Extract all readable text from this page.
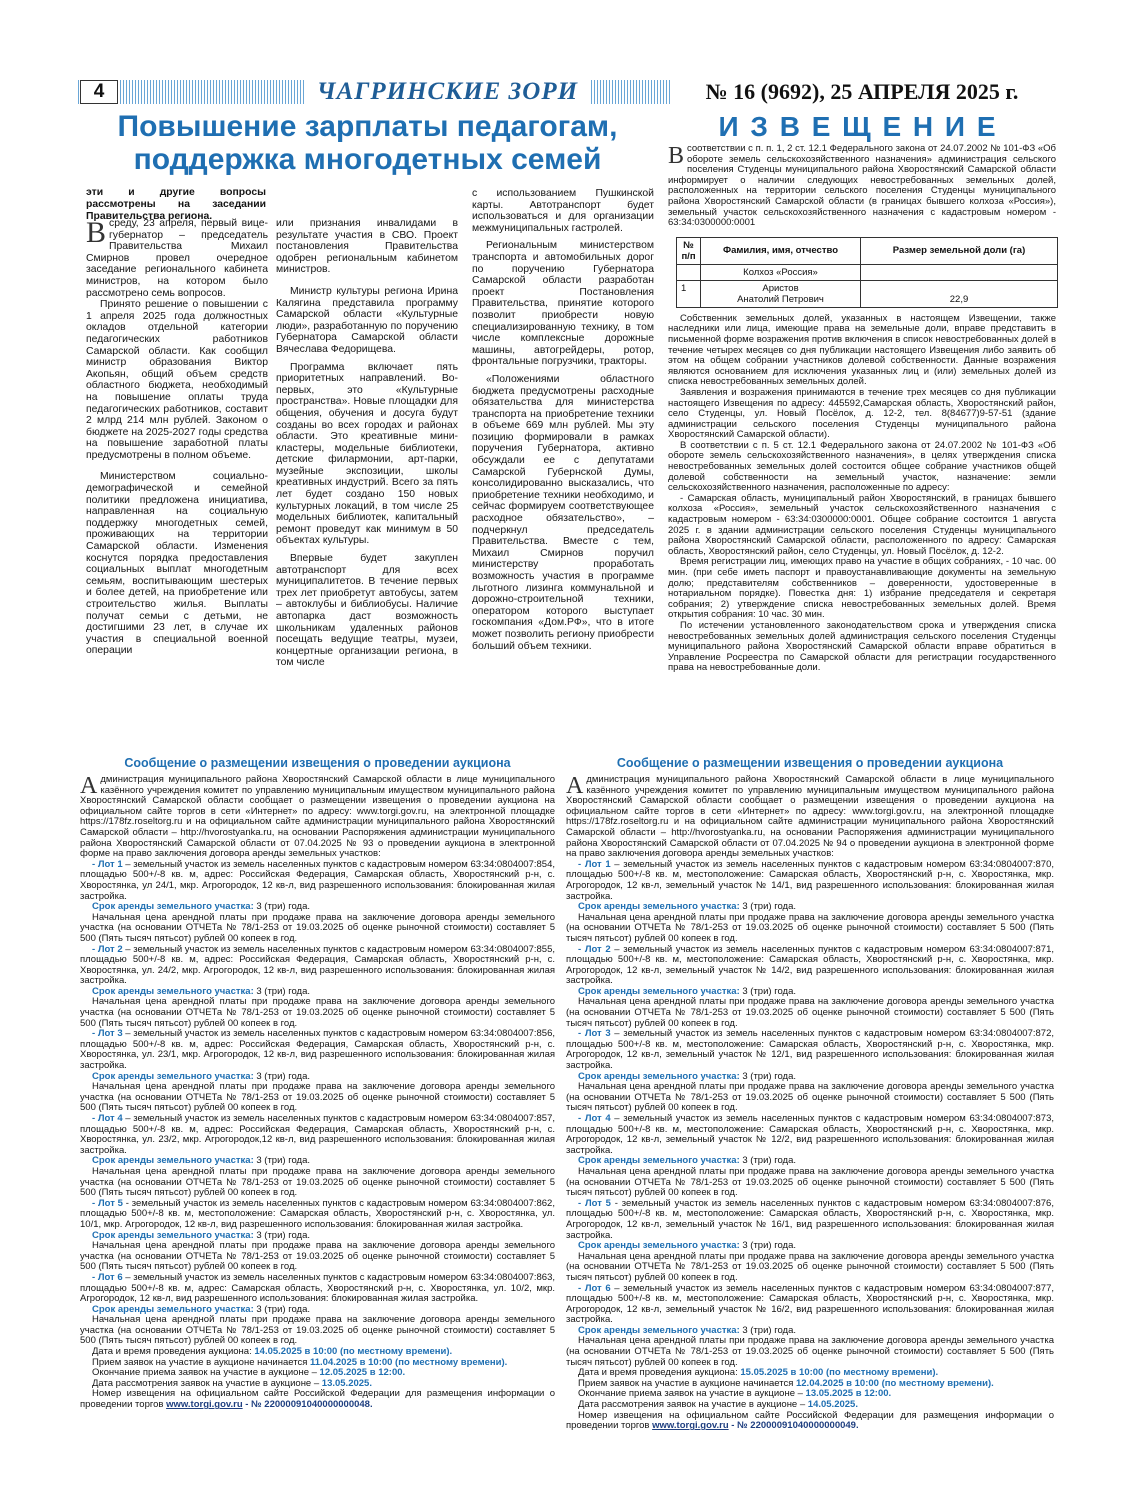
4	ЧАГРИНСКИЕ ЗОРИ	№ 16 (9692), 25 АПРЕЛЯ 2025 г.
Повышение зарплаты педагогам,
поддержка многодетных семей
эти и другие вопросы рассмотрены на заседании Правительства региона.
Всреду, 23 апреля, первый вице-губернатор – председатель Правительства Михаил Смирнов провел очередное заседание регионального кабинета министров, на котором было рассмотрено семь вопросов.
Принято решение о повышении с 1 апреля 2025 года должностных окладов отдельной категории педагогических работников Самарской области. Как сообщил министр образования Виктор Акопьян, общий объем средств областного бюджета, необходимый на повышение оплаты труда педагогических работников, составит 2 млрд 214 млн рублей. Законом о бюджете на 2025-2027 годы средства на повышение заработной платы предусмотрены в полном объеме.
Министерством социально-демографической и семейной политики предложена инициатива, направленная на социальную поддержку многодетных семей, проживающих на территории Самарской области. Изменения коснутся порядка предоставления социальных выплат многодетным семьям, воспитывающим шестерых и более детей, на приобретение или строительство жилья. Выплаты получат семьи с детьми, не достигшими 23 лет, в случае их участия в специальной военной операции
или признания инвалидами в результате участия в СВО. Проект постановления Правительства одобрен региональным кабинетом министров.
Министр культуры региона Ирина Калягина представила программу Самарской области «Культурные люди», разработанную по поручению Губернатора Самарской области Вячеслава Федорищева.
Программа включает пять приоритетных направлений. Во-первых, это «Культурные пространства». Новые площадки для общения, обучения и досуга будут созданы во всех городах и районах области. Это креативные мини-кластеры, модельные библиотеки, детские филармонии, арт-парки, музейные экспозиции, школы креативных индустрий. Всего за пять лет будет создано 150 новых культурных локаций, в том числе 25 модельных библиотек, капитальный ремонт проведут как минимум в 50 объектах культуры.
Впервые будет закуплен автотранспорт для всех муниципалитетов. В течение первых трех лет приобретут автобусы, затем – автоклубы и библиобусы. Наличие автопарка даст возможность школьникам удаленных районов посещать ведущие театры, музеи, концертные организации региона, в том числе
с использованием Пушкинской карты. Автотранспорт будет использоваться и для организации межмуниципальных гастролей.
Региональным министерством транспорта и автомобильных дорог по поручению Губернатора Самарской области разработан проект Постановления Правительства, принятие которого позволит приобрести новую специализированную технику, в том числе комплексные дорожные машины, автогрейдеры, ротор, фронтальные погрузчики, тракторы.
«Положениями областного бюджета предусмотрены расходные обязательства для министерства транспорта на приобретение техники в объеме 669 млн рублей. Мы эту позицию формировали в рамках поручения Губернатора, активно обсуждали ее с депутатами Самарской Губернской Думы, консолидированно высказались, что приобретение техники необходимо, и сейчас формируем соответствующее расходное обязательство», – подчеркнул председатель Правительства. Вместе с тем, Михаил Смирнов поручил министерству проработать возможность участия в программе льготного лизинга коммунальной и дорожно-строительной техники, оператором которого выступает госкомпания «Дом.РФ», что в итоге может позволить региону приобрести больший объем техники.
И З В Е Щ Е Н И Е
Всоответствии с п. п. 1, 2 ст. 12.1 Федерального закона от 24.07.2002 № 101-ФЗ «Об обороте земель сельскохозяйственного назначения» администрация сельского поселения Студенцы муниципального района Хворостянский Самарской области информирует о наличии следующих невостребованных земельных долей, расположенных на территории сельского поселения Студенцы муниципального района Хворостянский Самарской области (в границах бывшего колхоза «Россия»), земельный участок сельскохозяйственного назначения с кадастровым номером - 63:34:0300000:0001
№ п/п	Фамилия, имя, отчество	Размер земельной доли (га)
	Колхоз «Россия»	
1	Аристов
Анатолий Петрович	22,9

Собственник земельных долей, указанных в настоящем Извещении, также наследники или лица, имеющие права на земельные доли, вправе представить в письменной форме возражения против включения в список невостребованных долей в течение четырех месяцев со дня публикации настоящего Извещения либо заявить об этом на общем собрании участников долевой собственности. Данные возражения являются основанием для исключения указанных лиц и (или) земельных долей из списка невостребованных земельных долей.

Заявления и возражения принимаются в течение трех месяцев со дня публикации настоящего Извещения по адресу: 445592,Самарская область, Хворостянский район, село Студенцы, ул. Новый Посёлок, д. 12-2, тел. 8(84677)9-57-51 (здание администрации сельского поселения Студенцы муниципального района Хворостянский Самарской области).

В соответствии с п. 5 ст. 12.1 Федерального закона от 24.07.2002 № 101-ФЗ «Об обороте земель сельскохозяйственного назначения», в целях утверждения списка невостребованных земельных долей состоится общее собрание участников общей долевой собственности на земельный участок, назначение: земли сельскохозяйственного назначения, расположенные по адресу:

- Самарская область, муниципальный район Хворостянский, в границах бывшего колхоза «Россия», земельный участок сельскохозяйственного назначения с кадастровым номером - 63:34:0300000:0001. Общее собрание состоится 1 августа 2025 г. в здании администрации сельского поселения Студенцы муниципального района Хворостянский Самарской области, расположенного по адресу: Самарская область, Хворостянский район, село Студенцы, ул. Новый Посёлок, д. 12-2.

Время регистрации лиц, имеющих право на участие в общих собраниях, - 10 час. 00 мин. (при себе иметь паспорт и правоустанавливающие документы на земельную долю; представителям собственников – доверенности, удостоверенные в нотариальном порядке). Повестка дня: 1) избрание председателя и секретаря собрания; 2) утверждение списка невостребованных земельных долей. Время открытия собрания: 10 час. 30 мин.

По истечении установленного законодательством срока и утверждения списка невостребованных земельных долей администрация сельского поселения Студенцы муниципального района Хворостянский Самарской области вправе обратиться в Управление Росреестра по Самарской области для регистрации государственного права на невостребованные доли.

Сообщение о размещении извещения о проведении аукциона
Администрация муниципального района Хворостянский Самарской области в лице муниципального казённого учреждения комитет по управлению муниципальным имуществом муниципального района Хворостянский Самарской области сообщает о размещении извещения о проведении аукциона на официальном сайте торгов в сети «Интернет» по адресу: www.torgi.gov.ru, на электронной площадке https://178fz.roseltorg.ru и на официальном сайте администрации муниципального района Хворостянский Самарской области – http://hvorostyanka.ru, на основании Распоряжения администрации муниципального района Хворостянский Самарской области от 07.04.2025 № 93 о проведении аукциона в электронной форме на право заключения договора аренды земельных участков:

- Лот 1 – земельный участок из земель населенных пунктов с кадастровым номером 63:34:0804007:854, площадью 500+/-8 кв. м, адрес: Российская Федерация, Самарская область, Хворостянский р-н, с. Хворостянка, ул 24/1, мкр. Агрогородок, 12 кв-л, вид разрешенного использования: блокированная жилая застройка.

Срок аренды земельного участка: 3 (три) года.

Начальная цена арендной платы при продаже права на заключение договора аренды земельного участка (на основании ОТЧЕТа № 78/1-253 от 19.03.2025 об оценке рыночной стоимости) составляет 5 500 (Пять тысяч пятьсот) рублей 00 копеек в год.

- Лот 2 – земельный участок из земель населенных пунктов с кадастровым номером 63:34:0804007:855, площадью 500+/-8 кв. м, адрес: Российская Федерация, Самарская область, Хворостянский р-н, с. Хворостянка, ул. 24/2, мкр. Агрогородок, 12 кв-л, вид разрешенного использования: блокированная жилая застройка.

Срок аренды земельного участка: 3 (три) года.

Начальная цена арендной платы при продаже права на заключение договора аренды земельного участка (на основании ОТЧЕТа № 78/1-253 от 19.03.2025 об оценке рыночной стоимости) составляет 5 500 (Пять тысяч пятьсот) рублей 00 копеек в год.

- Лот 3 – земельный участок из земель населенных пунктов с кадастровым номером 63:34:0804007:856, площадью 500+/-8 кв. м, адрес: Российская Федерация, Самарская область, Хворостянский р-н, с. Хворостянка, ул. 23/1, мкр. Агрогородок, 12 кв-л, вид разрешенного использования: блокированная жилая застройка.

Срок аренды земельного участка: 3 (три) года.

Начальная цена арендной платы при продаже права на заключение договора аренды земельного участка (на основании ОТЧЕТа № 78/1-253 от 19.03.2025 об оценке рыночной стоимости) составляет 5 500 (Пять тысяч пятьсот) рублей 00 копеек в год.

- Лот 4 – земельный участок из земель населенных пунктов с кадастровым номером 63:34:0804007:857, площадью 500+/-8 кв. м, адрес: Российская Федерация, Самарская область, Хворостянский р-н, с. Хворостянка, ул. 23/2, мкр. Агрогородок,12 кв-л, вид разрешенного использования: блокированная жилая застройка.

Срок аренды земельного участка: 3 (три) года.

Начальная цена арендной платы при продаже права на заключение договора аренды земельного участка (на основании ОТЧЕТа № 78/1-253 от 19.03.2025 об оценке рыночной стоимости) составляет 5 500 (Пять тысяч пятьсот) рублей 00 копеек в год.

- Лот 5 - земельный участок из земель населенных пунктов с кадастровым номером 63:34:0804007:862, площадью 500+/-8 кв. м, местоположение: Самарская область, Хворостянский р-н, с. Хворостянка, ул. 10/1, мкр. Агрогородок, 12 кв-л, вид разрешенного использования: блокированная жилая застройка.

Срок аренды земельного участка: 3 (три) года.

Начальная цена арендной платы при продаже права на заключение договора аренды земельного участка (на основании ОТЧЕТа № 78/1-253 от 19.03.2025 об оценке рыночной стоимости) составляет 5 500 (Пять тысяч пятьсот) рублей 00 копеек в год.

- Лот 6 – земельный участок из земель населенных пунктов с кадастровым номером 63:34:0804007:863, площадью 500+/-8 кв. м, адрес: Самарская область, Хворостянский р-н, с. Хворостянка, ул. 10/2, мкр. Агрогородок, 12 кв-л, вид разрешенного использования: блокированная жилая застройка.

Срок аренды земельного участка: 3 (три) года.

Начальная цена арендной платы при продаже права на заключение договора аренды земельного участка (на основании ОТЧЕТа № 78/1-253 от 19.03.2025 об оценке рыночной стоимости) составляет 5 500 (Пять тысяч пятьсот) рублей 00 копеек в год.

Дата и время проведения аукциона: 14.05.2025 в 10:00 (по местному времени).

Прием заявок на участие в аукционе начинается 11.04.2025 в 10:00 (по местному времени).

Окончание приема заявок на участие в аукционе – 12.05.2025 в 12:00.

Дата рассмотрения заявок на участие в аукционе – 13.05.2025.

Номер извещения на официальном сайте Российской Федерации для размещения информации о проведении торгов www.torgi.gov.ru - № 22000091040000000048.

Сообщение о размещении извещения о проведении аукциона
Администрация муниципального района Хворостянский Самарской области в лице муниципального казённого учреждения комитет по управлению муниципальным имуществом муниципального района Хворостянский Самарской области сообщает о размещении извещения о проведении аукциона на официальном сайте торгов в сети «Интернет» по адресу: www.torgi.gov.ru, на электронной площадке https://178fz.roseltorg.ru и на официальном сайте администрации муниципального района Хворостянский Самарской области – http://hvorostyanka.ru, на основании Распоряжения администрации муниципального района Хворостянский Самарской области от 07.04.2025 № 94 о проведении аукциона в электронной форме на право заключения договора аренды земельных участков:

- Лот 1 – земельный участок из земель населенных пунктов с кадастровым номером 63:34:0804007:870, площадью 500+/-8 кв. м, местоположение: Самарская область, Хворостянский р-н, с. Хворостянка, мкр. Агрогородок, 12 кв-л, земельный участок № 14/1, вид разрешенного использования: блокированная жилая застройка.

Срок аренды земельного участка: 3 (три) года.

Начальная цена арендной платы при продаже права на заключение договора аренды земельного участка (на основании ОТЧЕТа № 78/1-253 от 19.03.2025 об оценке рыночной стоимости) составляет 5 500 (Пять тысяч пятьсот) рублей 00 копеек в год.

- Лот 2 – земельный участок из земель населенных пунктов с кадастровым номером 63:34:0804007:871, площадью 500+/-8 кв. м, местоположение: Самарская область, Хворостянский р-н, с. Хворостянка, мкр. Агрогородок, 12 кв-л, земельный участок № 14/2, вид разрешенного использования: блокированная жилая застройка.

Срок аренды земельного участка: 3 (три) года.

Начальная цена арендной платы при продаже права на заключение договора аренды земельного участка (на основании ОТЧЕТа № 78/1-253 от 19.03.2025 об оценке рыночной стоимости) составляет 5 500 (Пять тысяч пятьсот) рублей 00 копеек в год.

- Лот 3 – земельный участок из земель населенных пунктов с кадастровым номером 63:34:0804007:872, площадью 500+/-8 кв. м, местоположение: Самарская область, Хворостянский р-н, с. Хворостянка, мкр. Агрогородок, 12 кв-л, земельный участок № 12/1, вид разрешенного использования: блокированная жилая застройка.

Срок аренды земельного участка: 3 (три) года.

Начальная цена арендной платы при продаже права на заключение договора аренды земельного участка (на основании ОТЧЕТа № 78/1-253 от 19.03.2025 об оценке рыночной стоимости) составляет 5 500 (Пять тысяч пятьсот) рублей 00 копеек в год.

- Лот 4 – земельный участок из земель населенных пунктов с кадастровым номером 63:34:0804007:873, площадью 500+/-8 кв. м, местоположение: Самарская область, Хворостянский р-н, с. Хворостянка, мкр. Агрогородок, 12 кв-л, земельный участок № 12/2, вид разрешенного использования: блокированная жилая застройка.

Срок аренды земельного участка: 3 (три) года.

Начальная цена арендной платы при продаже права на заключение договора аренды земельного участка (на основании ОТЧЕТа № 78/1-253 от 19.03.2025 об оценке рыночной стоимости) составляет 5 500 (Пять тысяч пятьсот) рублей 00 копеек в год.

- Лот 5 - земельный участок из земель населенных пунктов с кадастровым номером 63:34:0804007:876, площадью 500+/-8 кв. м, местоположение: Самарская область, Хворостянский р-н, с. Хворостянка, мкр. Агрогородок, 12 кв-л, земельный участок № 16/1, вид разрешенного использования: блокированная жилая застройка.

Срок аренды земельного участка: 3 (три) года.

Начальная цена арендной платы при продаже права на заключение договора аренды земельного участка (на основании ОТЧЕТа № 78/1-253 от 19.03.2025 об оценке рыночной стоимости) составляет 5 500 (Пять тысяч пятьсот) рублей 00 копеек в год.

- Лот 6 – земельный участок из земель населенных пунктов с кадастровым номером 63:34:0804007:877, площадью 500+/-8 кв. м, местоположение: Самарская область, Хворостянский р-н, с. Хворостянка, мкр. Агрогородок, 12 кв-л, земельный участок № 16/2, вид разрешенного использования: блокированная жилая застройка.

Срок аренды земельного участка: 3 (три) года.

Начальная цена арендной платы при продаже права на заключение договора аренды земельного участка (на основании ОТЧЕТа № 78/1-253 от 19.03.2025 об оценке рыночной стоимости) составляет 5 500 (Пять тысяч пятьсот) рублей 00 копеек в год.

Дата и время проведения аукциона: 15.05.2025 в 10:00 (по местному времени).

Прием заявок на участие в аукционе начинается 12.04.2025 в 10:00 (по местному времени).

Окончание приема заявок на участие в аукционе – 13.05.2025 в 12:00.

Дата рассмотрения заявок на участие в аукционе – 14.05.2025.

Номер извещения на официальном сайте Российской Федерации для размещения информации о проведении торгов www.torgi.gov.ru - № 22000091040000000049.
